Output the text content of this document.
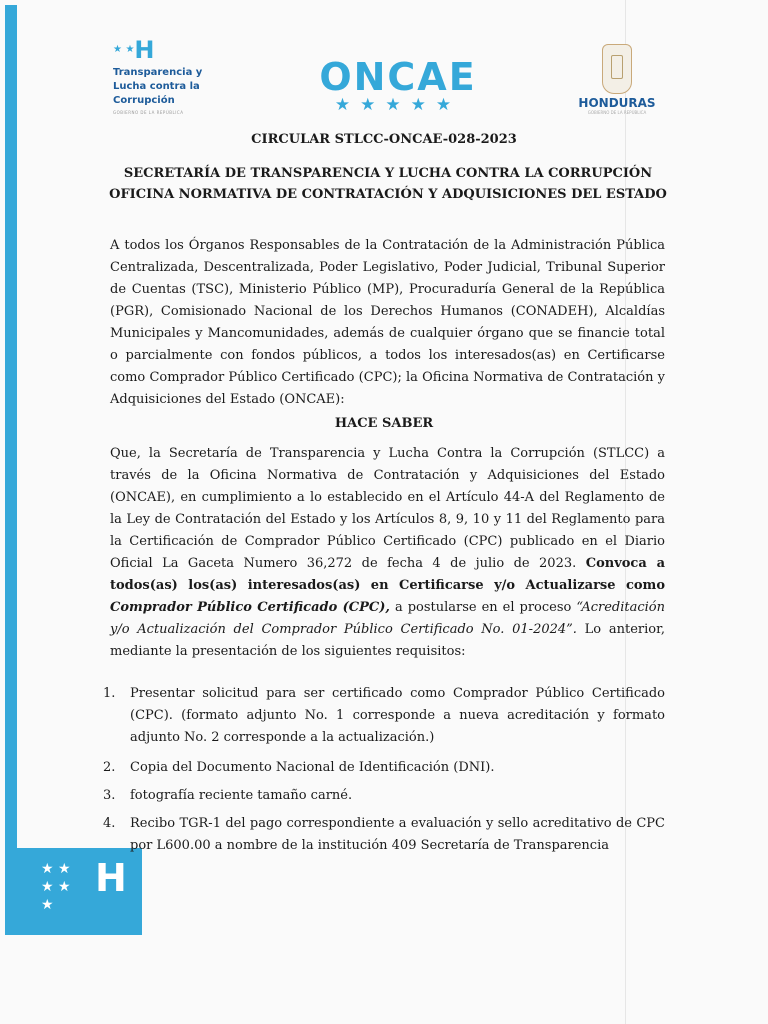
★ ★
★ ★
★
H
★ ★H
Transparencia y
Lucha contra la
Corrupción
GOBIERNO DE LA REPÚBLICA
ONCAE
★★★★★	HONDURAS
GOBIERNO DE LA REPÚBLICA
CIRCULAR STLCC-ONCAE-028-2023
SECRETARÍA DE TRANSPARENCIA Y LUCHA CONTRA LA CORRUPCIÓN OFICINA NORMATIVA DE CONTRATACIÓN Y ADQUISICIONES DEL ESTADO
A todos los Órganos Responsables de la Contratación de la Administración Pública Centralizada, Descentralizada, Poder Legislativo, Poder Judicial, Tribunal Superior de Cuentas (TSC), Ministerio Público (MP), Procuraduría General de la República (PGR), Comisionado Nacional de los Derechos Humanos (CONADEH), Alcaldías Municipales y Mancomunidades, además de cualquier órgano que se financie total o parcialmente con fondos públicos, a todos los interesados(as) en Certificarse como Comprador Público Certificado (CPC); la Oficina Normativa de Contratación y Adquisiciones del Estado (ONCAE):
HACE SABER
Que, la Secretaría de Transparencia y Lucha Contra la Corrupción (STLCC) a través de la Oficina Normativa de Contratación y Adquisiciones del Estado (ONCAE), en cumplimiento a lo establecido en el Artículo 44-A del Reglamento de la Ley de Contratación del Estado y los Artículos 8, 9, 10 y 11 del Reglamento para la Certificación de Comprador Público Certificado (CPC) publicado en el Diario Oficial La Gaceta Numero 36,272 de fecha 4 de julio de 2023. Convoca a todos(as) los(as) interesados(as) en Certificarse y/o Actualizarse como Comprador Público Certificado (CPC), a postularse en el proceso “Acreditación y/o Actualización del Comprador Público Certificado No. 01-2024”. Lo anterior, mediante la presentación de los siguientes requisitos:
1. Presentar solicitud para ser certificado como Comprador Público Certificado (CPC). (formato adjunto No. 1 corresponde a nueva acreditación y formato adjunto No. 2 corresponde a la actualización.)
2. Copia del Documento Nacional de Identificación (DNI).
3. fotografía reciente tamaño carné.
4. Recibo TGR-1 del pago correspondiente a evaluación y sello acreditativo de CPC por L600.00 a nombre de la institución 409 Secretaría de Transparencia
